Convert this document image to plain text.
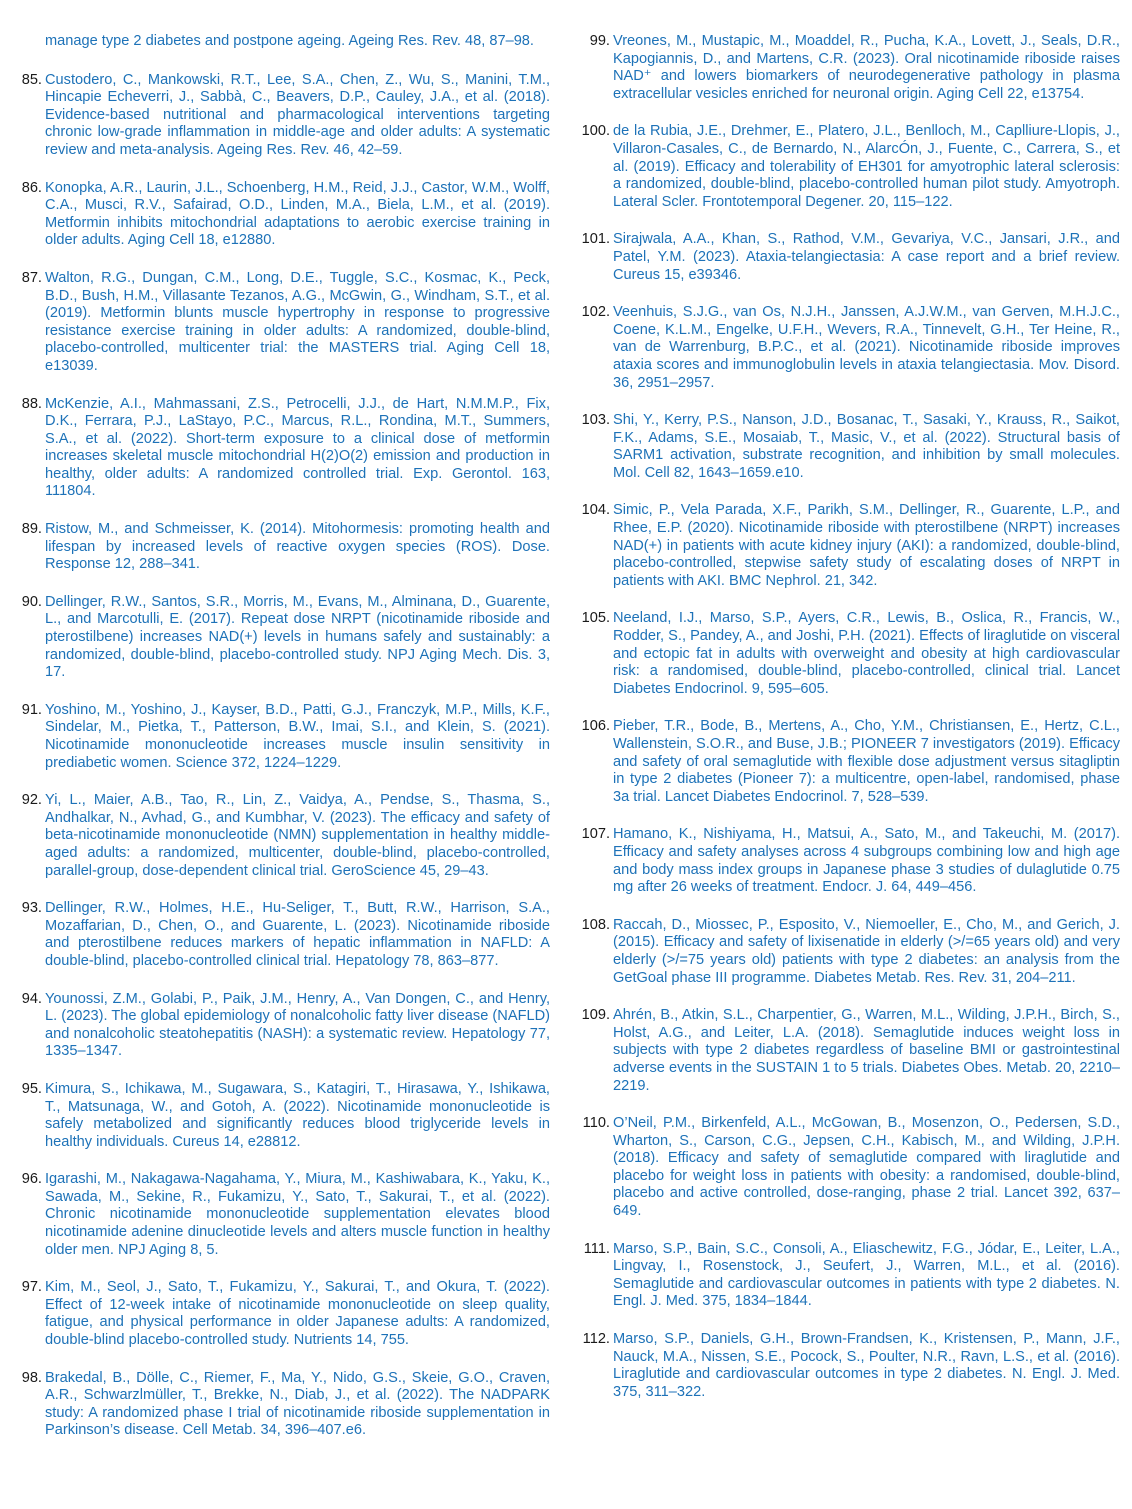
manage type 2 diabetes and postpone ageing. Ageing Res. Rev. 48, 87–98.
85. Custodero, C., Mankowski, R.T., Lee, S.A., Chen, Z., Wu, S., Manini, T.M., Hincapie Echeverri, J., Sabbà, C., Beavers, D.P., Cauley, J.A., et al. (2018). Evidence-based nutritional and pharmacological interventions targeting chronic low-grade inflammation in middle-age and older adults: A systematic review and meta-analysis. Ageing Res. Rev. 46, 42–59.
86. Konopka, A.R., Laurin, J.L., Schoenberg, H.M., Reid, J.J., Castor, W.M., Wolff, C.A., Musci, R.V., Safairad, O.D., Linden, M.A., Biela, L.M., et al. (2019). Metformin inhibits mitochondrial adaptations to aerobic exercise training in older adults. Aging Cell 18, e12880.
87. Walton, R.G., Dungan, C.M., Long, D.E., Tuggle, S.C., Kosmac, K., Peck, B.D., Bush, H.M., Villasante Tezanos, A.G., McGwin, G., Windham, S.T., et al. (2019). Metformin blunts muscle hypertrophy in response to progressive resistance exercise training in older adults: A randomized, double-blind, placebo-controlled, multicenter trial: the MASTERS trial. Aging Cell 18, e13039.
88. McKenzie, A.I., Mahmassani, Z.S., Petrocelli, J.J., de Hart, N.M.M.P., Fix, D.K., Ferrara, P.J., LaStayo, P.C., Marcus, R.L., Rondina, M.T., Summers, S.A., et al. (2022). Short-term exposure to a clinical dose of metformin increases skeletal muscle mitochondrial H(2)O(2) emission and production in healthy, older adults: A randomized controlled trial. Exp. Gerontol. 163, 111804.
89. Ristow, M., and Schmeisser, K. (2014). Mitohormesis: promoting health and lifespan by increased levels of reactive oxygen species (ROS). Dose. Response 12, 288–341.
90. Dellinger, R.W., Santos, S.R., Morris, M., Evans, M., Alminana, D., Guarente, L., and Marcotulli, E. (2017). Repeat dose NRPT (nicotinamide riboside and pterostilbene) increases NAD(+) levels in humans safely and sustainably: a randomized, double-blind, placebo-controlled study. NPJ Aging Mech. Dis. 3, 17.
91. Yoshino, M., Yoshino, J., Kayser, B.D., Patti, G.J., Franczyk, M.P., Mills, K.F., Sindelar, M., Pietka, T., Patterson, B.W., Imai, S.I., and Klein, S. (2021). Nicotinamide mononucleotide increases muscle insulin sensitivity in prediabetic women. Science 372, 1224–1229.
92. Yi, L., Maier, A.B., Tao, R., Lin, Z., Vaidya, A., Pendse, S., Thasma, S., Andhalkar, N., Avhad, G., and Kumbhar, V. (2023). The efficacy and safety of beta-nicotinamide mononucleotide (NMN) supplementation in healthy middle-aged adults: a randomized, multicenter, double-blind, placebo-controlled, parallel-group, dose-dependent clinical trial. GeroScience 45, 29–43.
93. Dellinger, R.W., Holmes, H.E., Hu-Seliger, T., Butt, R.W., Harrison, S.A., Mozaffarian, D., Chen, O., and Guarente, L. (2023). Nicotinamide riboside and pterostilbene reduces markers of hepatic inflammation in NAFLD: A double-blind, placebo-controlled clinical trial. Hepatology 78, 863–877.
94. Younossi, Z.M., Golabi, P., Paik, J.M., Henry, A., Van Dongen, C., and Henry, L. (2023). The global epidemiology of nonalcoholic fatty liver disease (NAFLD) and nonalcoholic steatohepatitis (NASH): a systematic review. Hepatology 77, 1335–1347.
95. Kimura, S., Ichikawa, M., Sugawara, S., Katagiri, T., Hirasawa, Y., Ishikawa, T., Matsunaga, W., and Gotoh, A. (2022). Nicotinamide mononucleotide is safely metabolized and significantly reduces blood triglyceride levels in healthy individuals. Cureus 14, e28812.
96. Igarashi, M., Nakagawa-Nagahama, Y., Miura, M., Kashiwabara, K., Yaku, K., Sawada, M., Sekine, R., Fukamizu, Y., Sato, T., Sakurai, T., et al. (2022). Chronic nicotinamide mononucleotide supplementation elevates blood nicotinamide adenine dinucleotide levels and alters muscle function in healthy older men. NPJ Aging 8, 5.
97. Kim, M., Seol, J., Sato, T., Fukamizu, Y., Sakurai, T., and Okura, T. (2022). Effect of 12-week intake of nicotinamide mononucleotide on sleep quality, fatigue, and physical performance in older Japanese adults: A randomized, double-blind placebo-controlled study. Nutrients 14, 755.
98. Brakedal, B., Dölle, C., Riemer, F., Ma, Y., Nido, G.S., Skeie, G.O., Craven, A.R., Schwarzlmüller, T., Brekke, N., Diab, J., et al. (2022). The NADPARK study: A randomized phase I trial of nicotinamide riboside supplementation in Parkinson’s disease. Cell Metab. 34, 396–407.e6.
99. Vreones, M., Mustapic, M., Moaddel, R., Pucha, K.A., Lovett, J., Seals, D.R., Kapogiannis, D., and Martens, C.R. (2023). Oral nicotinamide riboside raises NAD⁺ and lowers biomarkers of neurodegenerative pathology in plasma extracellular vesicles enriched for neuronal origin. Aging Cell 22, e13754.
100. de la Rubia, J.E., Drehmer, E., Platero, J.L., Benlloch, M., Caplliure-Llopis, J., Villaron-Casales, C., de Bernardo, N., AlarcÓn, J., Fuente, C., Carrera, S., et al. (2019). Efficacy and tolerability of EH301 for amyotrophic lateral sclerosis: a randomized, double-blind, placebo-controlled human pilot study. Amyotroph. Lateral Scler. Frontotemporal Degener. 20, 115–122.
101. Sirajwala, A.A., Khan, S., Rathod, V.M., Gevariya, V.C., Jansari, J.R., and Patel, Y.M. (2023). Ataxia-telangiectasia: A case report and a brief review. Cureus 15, e39346.
102. Veenhuis, S.J.G., van Os, N.J.H., Janssen, A.J.W.M., van Gerven, M.H.J.C., Coene, K.L.M., Engelke, U.F.H., Wevers, R.A., Tinnevelt, G.H., Ter Heine, R., van de Warrenburg, B.P.C., et al. (2021). Nicotinamide riboside improves ataxia scores and immunoglobulin levels in ataxia telangiectasia. Mov. Disord. 36, 2951–2957.
103. Shi, Y., Kerry, P.S., Nanson, J.D., Bosanac, T., Sasaki, Y., Krauss, R., Saikot, F.K., Adams, S.E., Mosaiab, T., Masic, V., et al. (2022). Structural basis of SARM1 activation, substrate recognition, and inhibition by small molecules. Mol. Cell 82, 1643–1659.e10.
104. Simic, P., Vela Parada, X.F., Parikh, S.M., Dellinger, R., Guarente, L.P., and Rhee, E.P. (2020). Nicotinamide riboside with pterostilbene (NRPT) increases NAD(+) in patients with acute kidney injury (AKI): a randomized, double-blind, placebo-controlled, stepwise safety study of escalating doses of NRPT in patients with AKI. BMC Nephrol. 21, 342.
105. Neeland, I.J., Marso, S.P., Ayers, C.R., Lewis, B., Oslica, R., Francis, W., Rodder, S., Pandey, A., and Joshi, P.H. (2021). Effects of liraglutide on visceral and ectopic fat in adults with overweight and obesity at high cardiovascular risk: a randomised, double-blind, placebo-controlled, clinical trial. Lancet Diabetes Endocrinol. 9, 595–605.
106. Pieber, T.R., Bode, B., Mertens, A., Cho, Y.M., Christiansen, E., Hertz, C.L., Wallenstein, S.O.R., and Buse, J.B.; PIONEER 7 investigators (2019). Efficacy and safety of oral semaglutide with flexible dose adjustment versus sitagliptin in type 2 diabetes (Pioneer 7): a multicentre, open-label, randomised, phase 3a trial. Lancet Diabetes Endocrinol. 7, 528–539.
107. Hamano, K., Nishiyama, H., Matsui, A., Sato, M., and Takeuchi, M. (2017). Efficacy and safety analyses across 4 subgroups combining low and high age and body mass index groups in Japanese phase 3 studies of dulaglutide 0.75 mg after 26 weeks of treatment. Endocr. J. 64, 449–456.
108. Raccah, D., Miossec, P., Esposito, V., Niemoeller, E., Cho, M., and Gerich, J. (2015). Efficacy and safety of lixisenatide in elderly (>/=65 years old) and very elderly (>/=75 years old) patients with type 2 diabetes: an analysis from the GetGoal phase III programme. Diabetes Metab. Res. Rev. 31, 204–211.
109. Ahrén, B., Atkin, S.L., Charpentier, G., Warren, M.L., Wilding, J.P.H., Birch, S., Holst, A.G., and Leiter, L.A. (2018). Semaglutide induces weight loss in subjects with type 2 diabetes regardless of baseline BMI or gastrointestinal adverse events in the SUSTAIN 1 to 5 trials. Diabetes Obes. Metab. 20, 2210–2219.
110. O’Neil, P.M., Birkenfeld, A.L., McGowan, B., Mosenzon, O., Pedersen, S.D., Wharton, S., Carson, C.G., Jepsen, C.H., Kabisch, M., and Wilding, J.P.H. (2018). Efficacy and safety of semaglutide compared with liraglutide and placebo for weight loss in patients with obesity: a randomised, double-blind, placebo and active controlled, dose-ranging, phase 2 trial. Lancet 392, 637–649.
111. Marso, S.P., Bain, S.C., Consoli, A., Eliaschewitz, F.G., Jódar, E., Leiter, L.A., Lingvay, I., Rosenstock, J., Seufert, J., Warren, M.L., et al. (2016). Semaglutide and cardiovascular outcomes in patients with type 2 diabetes. N. Engl. J. Med. 375, 1834–1844.
112. Marso, S.P., Daniels, G.H., Brown-Frandsen, K., Kristensen, P., Mann, J.F., Nauck, M.A., Nissen, S.E., Pocock, S., Poulter, N.R., Ravn, L.S., et al. (2016). Liraglutide and cardiovascular outcomes in type 2 diabetes. N. Engl. J. Med. 375, 311–322.
